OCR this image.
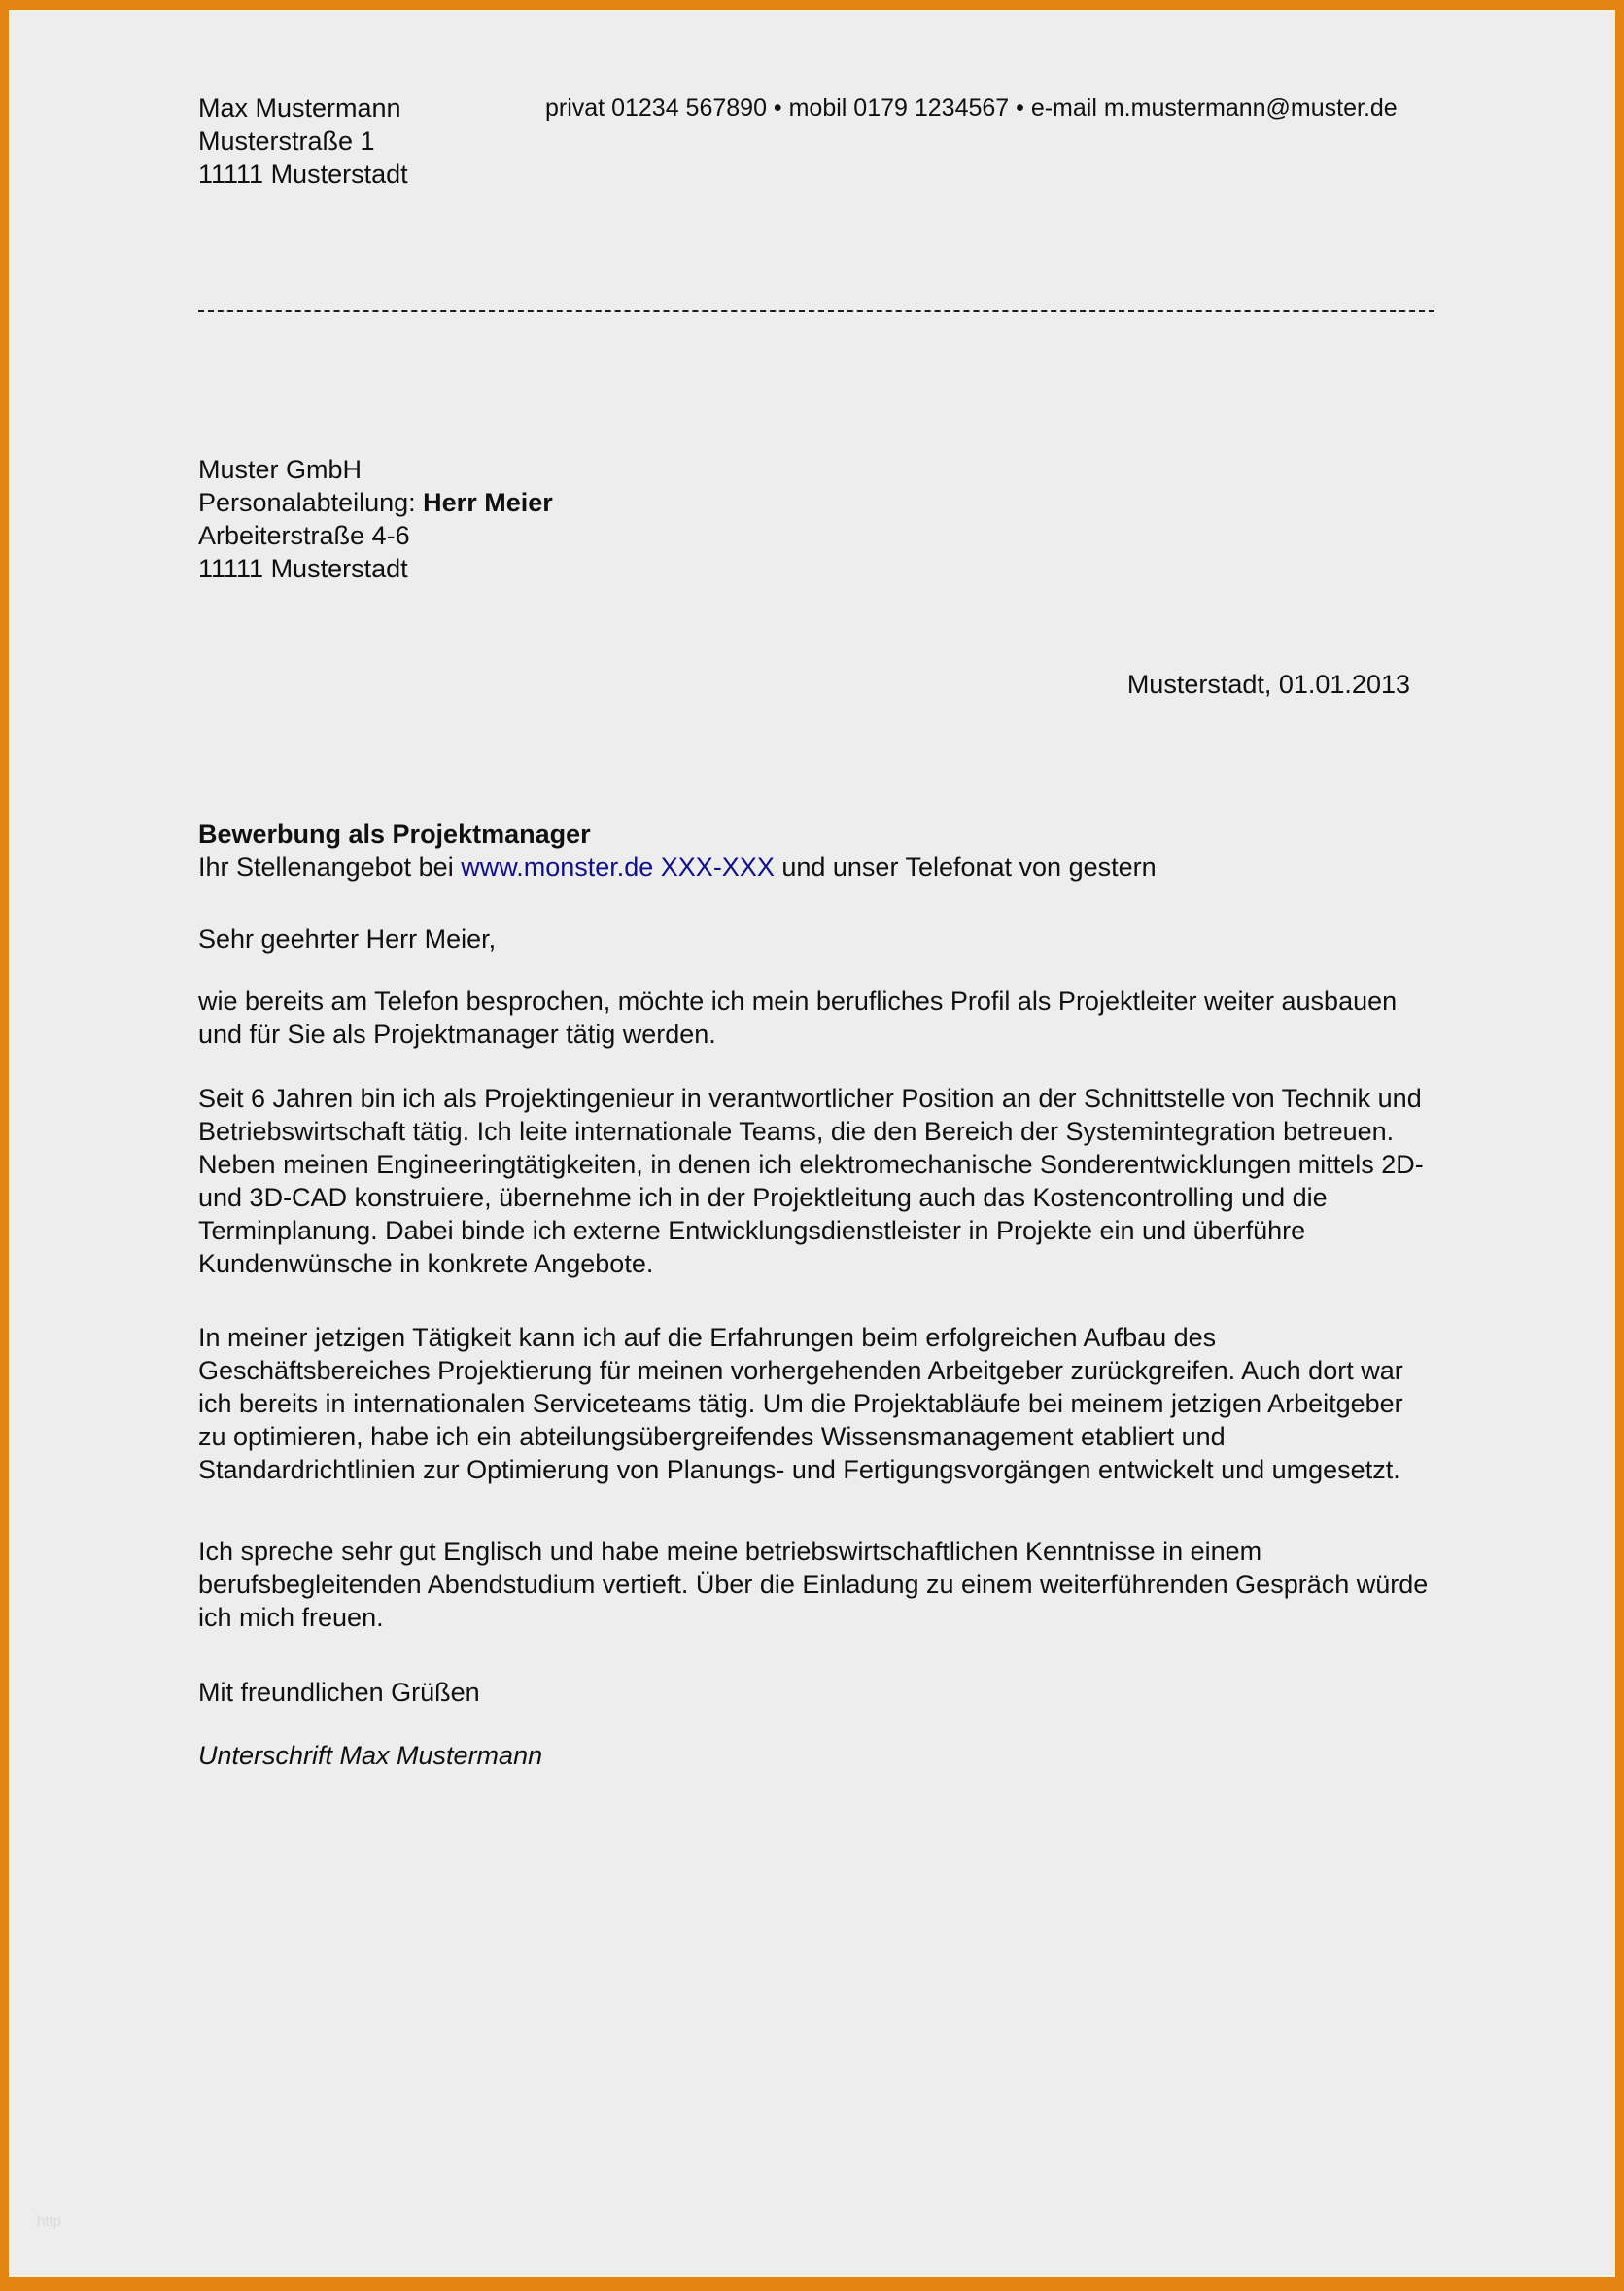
Max Mustermann
Musterstraße 1
11111 Musterstadt
privat 01234 567890 • mobil 0179 1234567 • e-mail m.mustermann@muster.de
Muster GmbH
Personalabteilung: Herr Meier
Arbeiterstraße 4-6
11111 Musterstadt
Musterstadt, 01.01.2013

Bewerbung als Projektmanager

Ihr Stellenangebot bei www.monster.de XXX-XXX und unser Telefonat von gestern

Sehr geehrter Herr Meier,

wie bereits am Telefon besprochen, möchte ich mein berufliches Profil als Projektleiter weiter ausbauen und für Sie als Projektmanager tätig werden.

Seit 6 Jahren bin ich als Projektingenieur in verantwortlicher Position an der Schnittstelle von Technik und Betriebswirtschaft tätig. Ich leite internationale Teams, die den Bereich der Systemintegration betreuen. Neben meinen Engineeringtätigkeiten, in denen ich elektromechanische Sonderentwicklungen mittels 2D- und 3D-CAD konstruiere, übernehme ich in der Projektleitung auch das Kostencontrolling und die Terminplanung. Dabei binde ich externe Entwicklungsdienstleister in Projekte ein und überführe Kundenwünsche in konkrete Angebote.

In meiner jetzigen Tätigkeit kann ich auf die Erfahrungen beim erfolgreichen Aufbau des Geschäftsbereiches Projektierung für meinen vorhergehenden Arbeitgeber zurückgreifen. Auch dort war ich bereits in internationalen Serviceteams tätig. Um die Projektabläufe bei meinem jetzigen Arbeitgeber zu optimieren, habe ich ein abteilungsübergreifendes Wissensmanagement etabliert und Standardrichtlinien zur Optimierung von Planungs- und Fertigungsvorgängen entwickelt und umgesetzt.

Ich spreche sehr gut Englisch und habe meine betriebswirtschaftlichen Kenntnisse in einem berufsbegleitenden Abendstudium vertieft. Über die Einladung zu einem weiterführenden Gespräch würde ich mich freuen.

Mit freundlichen Grüßen
Unterschrift Max Mustermann
http
